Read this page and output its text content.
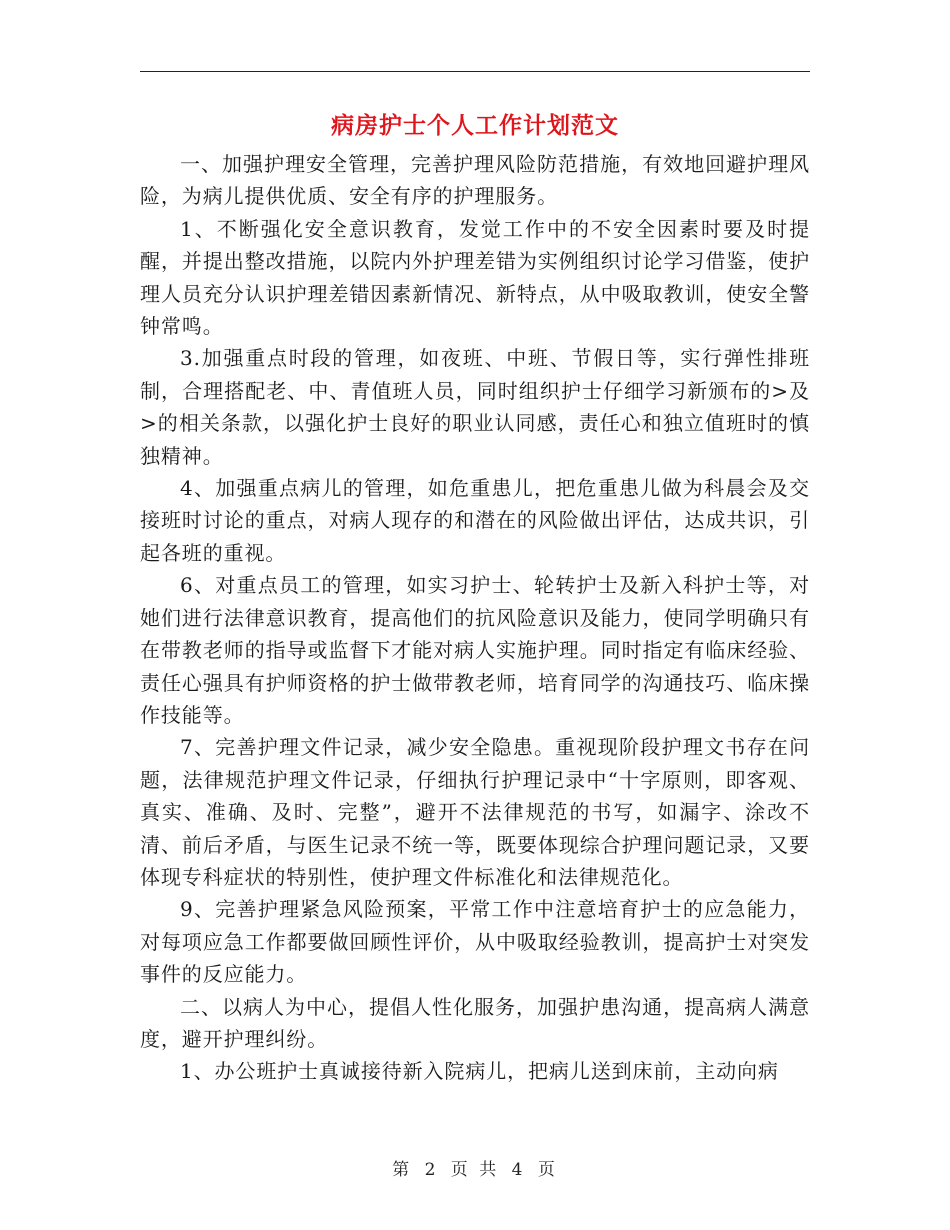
病房护士个人工作计划范文

一、加强护理安全管理，完善护理风险防范措施，有效地回避护理风险，为病儿提供优质、安全有序的护理服务。

1、不断强化安全意识教育，发觉工作中的不安全因素时要及时提醒，并提出整改措施，以院内外护理差错为实例组织讨论学习借鉴，使护理人员充分认识护理差错因素新情况、新特点，从中吸取教训，使安全警钟常鸣。

3.加强重点时段的管理，如夜班、中班、节假日等，实行弹性排班制，合理搭配老、中、青值班人员，同时组织护士仔细学习新颁布的>及>的相关条款，以强化护士良好的职业认同感，责任心和独立值班时的慎独精神。

4、加强重点病儿的管理，如危重患儿，把危重患儿做为科晨会及交接班时讨论的重点，对病人现存的和潜在的风险做出评估，达成共识，引起各班的重视。

6、对重点员工的管理，如实习护士、轮转护士及新入科护士等，对她们进行法律意识教育，提高他们的抗风险意识及能力，使同学明确只有在带教老师的指导或监督下才能对病人实施护理。同时指定有临床经验、责任心强具有护师资格的护士做带教老师，培育同学的沟通技巧、临床操作技能等。

7、完善护理文件记录，减少安全隐患。重视现阶段护理文书存在问题，法律规范护理文件记录，仔细执行护理记录中“十字原则，即客观、真实、准确、及时、完整”，避开不法律规范的书写，如漏字、涂改不清、前后矛盾，与医生记录不统一等，既要体现综合护理问题记录，又要体现专科症状的特别性，使护理文件标准化和法律规范化。

9、完善护理紧急风险预案，平常工作中注意培育护士的应急能力，对每项应急工作都要做回顾性评价，从中吸取经验教训，提高护士对突发事件的反应能力。

二、以病人为中心，提倡人性化服务，加强护患沟通，提高病人满意度，避开护理纠纷。

1、办公班护士真诚接待新入院病儿，把病儿送到床前，主动向病

第 2 页 共 4 页
